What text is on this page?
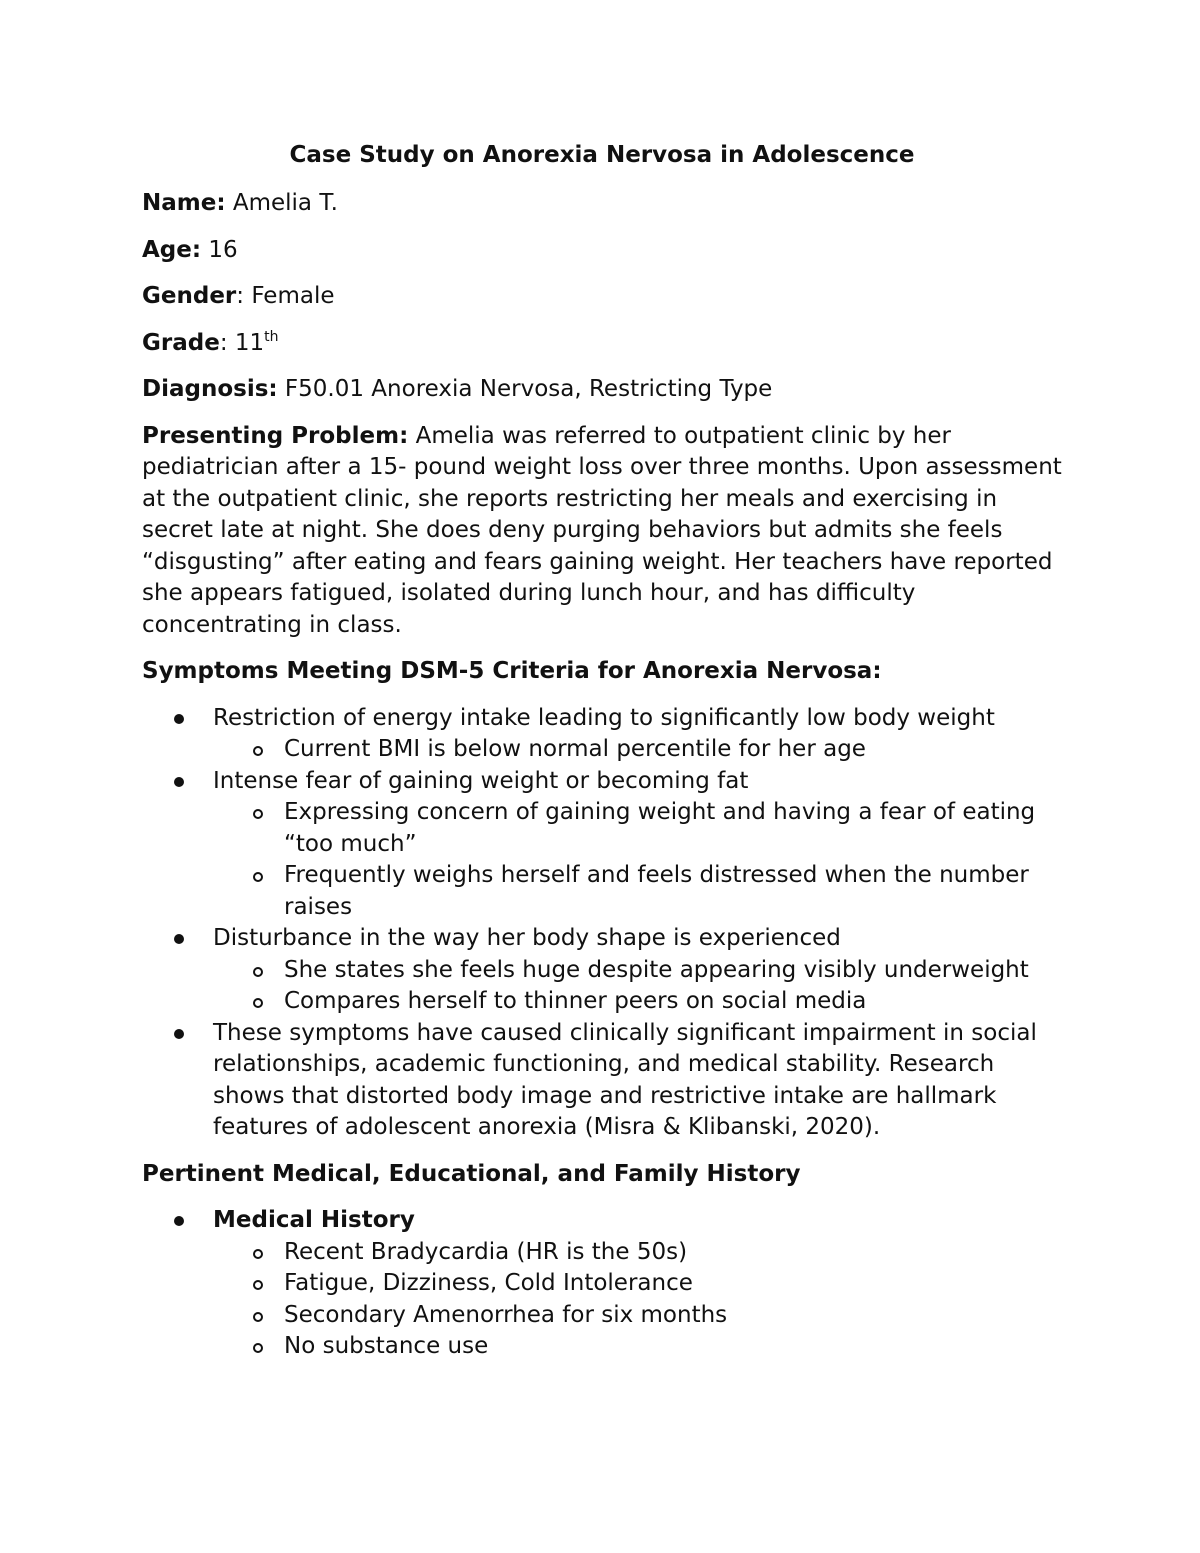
Case Study on Anorexia Nervosa in Adolescence
Name: Amelia T.
Age: 16
Gender: Female
Grade: 11th
Diagnosis: F50.01 Anorexia Nervosa, Restricting Type
Presenting Problem: Amelia was referred to outpatient clinic by her pediatrician after a 15- pound weight loss over three months. Upon assessment at the outpatient clinic, she reports restricting her meals and exercising in secret late at night. She does deny purging behaviors but admits she feels “disgusting” after eating and fears gaining weight. Her teachers have reported she appears fatigued, isolated during lunch hour, and has difficulty concentrating in class.
Symptoms Meeting DSM-5 Criteria for Anorexia Nervosa:
Restriction of energy intake leading to significantly low body weight
Current BMI is below normal percentile for her age
Intense fear of gaining weight or becoming fat
Expressing concern of gaining weight and having a fear of eating “too much”
Frequently weighs herself and feels distressed when the number raises
Disturbance in the way her body shape is experienced
She states she feels huge despite appearing visibly underweight
Compares herself to thinner peers on social media
These symptoms have caused clinically significant impairment in social relationships, academic functioning, and medical stability. Research shows that distorted body image and restrictive intake are hallmark features of adolescent anorexia (Misra & Klibanski, 2020).
Pertinent Medical, Educational, and Family History
Medical History
Recent Bradycardia (HR is the 50s)
Fatigue, Dizziness, Cold Intolerance
Secondary Amenorrhea for six months
No substance use
